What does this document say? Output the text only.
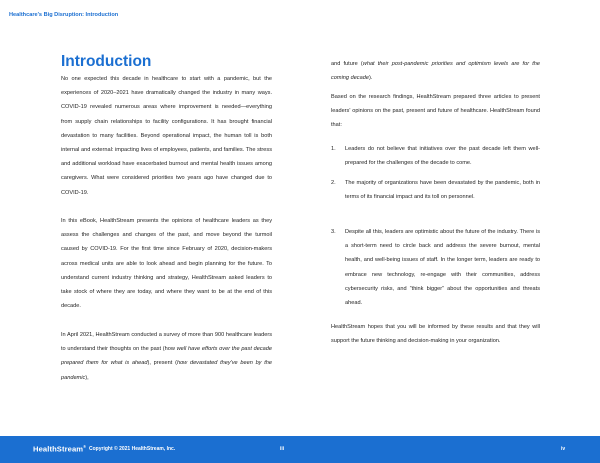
Healthcare's Big Disruption: Introduction
Introduction

No one expected this decade in healthcare to start with a pandemic, but the experiences of 2020–2021 have dramatically changed the industry in many ways. COVID-19 revealed numerous areas where improvement is needed—everything from supply chain relationships to facility configurations. It has brought financial devastation to many facilities. Beyond operational impact, the human toll is both internal and external: impacting lives of employees, patients, and families. The stress and additional workload have exacerbated burnout and mental health issues among caregivers. What were considered priorities two years ago have changed due to COVID-19.

In this eBook, HealthStream presents the opinions of healthcare leaders as they assess the challenges and changes of the past, and move beyond the turmoil caused by COVID-19. For the first time since February of 2020, decision-makers across medical units are able to look ahead and begin planning for the future. To understand current industry thinking and strategy, HealthStream asked leaders to take stock of where they are today, and where they want to be at the end of this decade.

In April 2021, HealthStream conducted a survey of more than 900 healthcare leaders to understand their thoughts on the past (how well have efforts over the past decade prepared them for what is ahead), present (how devastated they've been by the pandemic),

and future (what their post-pandemic priorities and optimism levels are for the coming decade).

Based on the research findings, HealthStream prepared three articles to present leaders' opinions on the past, present and future of healthcare. HealthStream found that:

1. Leaders do not believe that initiatives over the past decade left them well-prepared for the challenges of the decade to come.
2. The majority of organizations have been devastated by the pandemic, both in terms of its financial impact and its toll on personnel.
3. Despite all this, leaders are optimistic about the future of the industry. There is a short-term need to circle back and address the severe burnout, mental health, and well-being issues of staff. In the longer term, leaders are ready to embrace new technology, re-engage with their communities, address cybersecurity risks, and “think bigger” about the opportunities and threats ahead.

HealthStream hopes that you will be informed by these results and that they will support the future thinking and decision-making in your organization.

HealthStream® Copyright © 2021 HealthStream, Inc.	iii	iv
